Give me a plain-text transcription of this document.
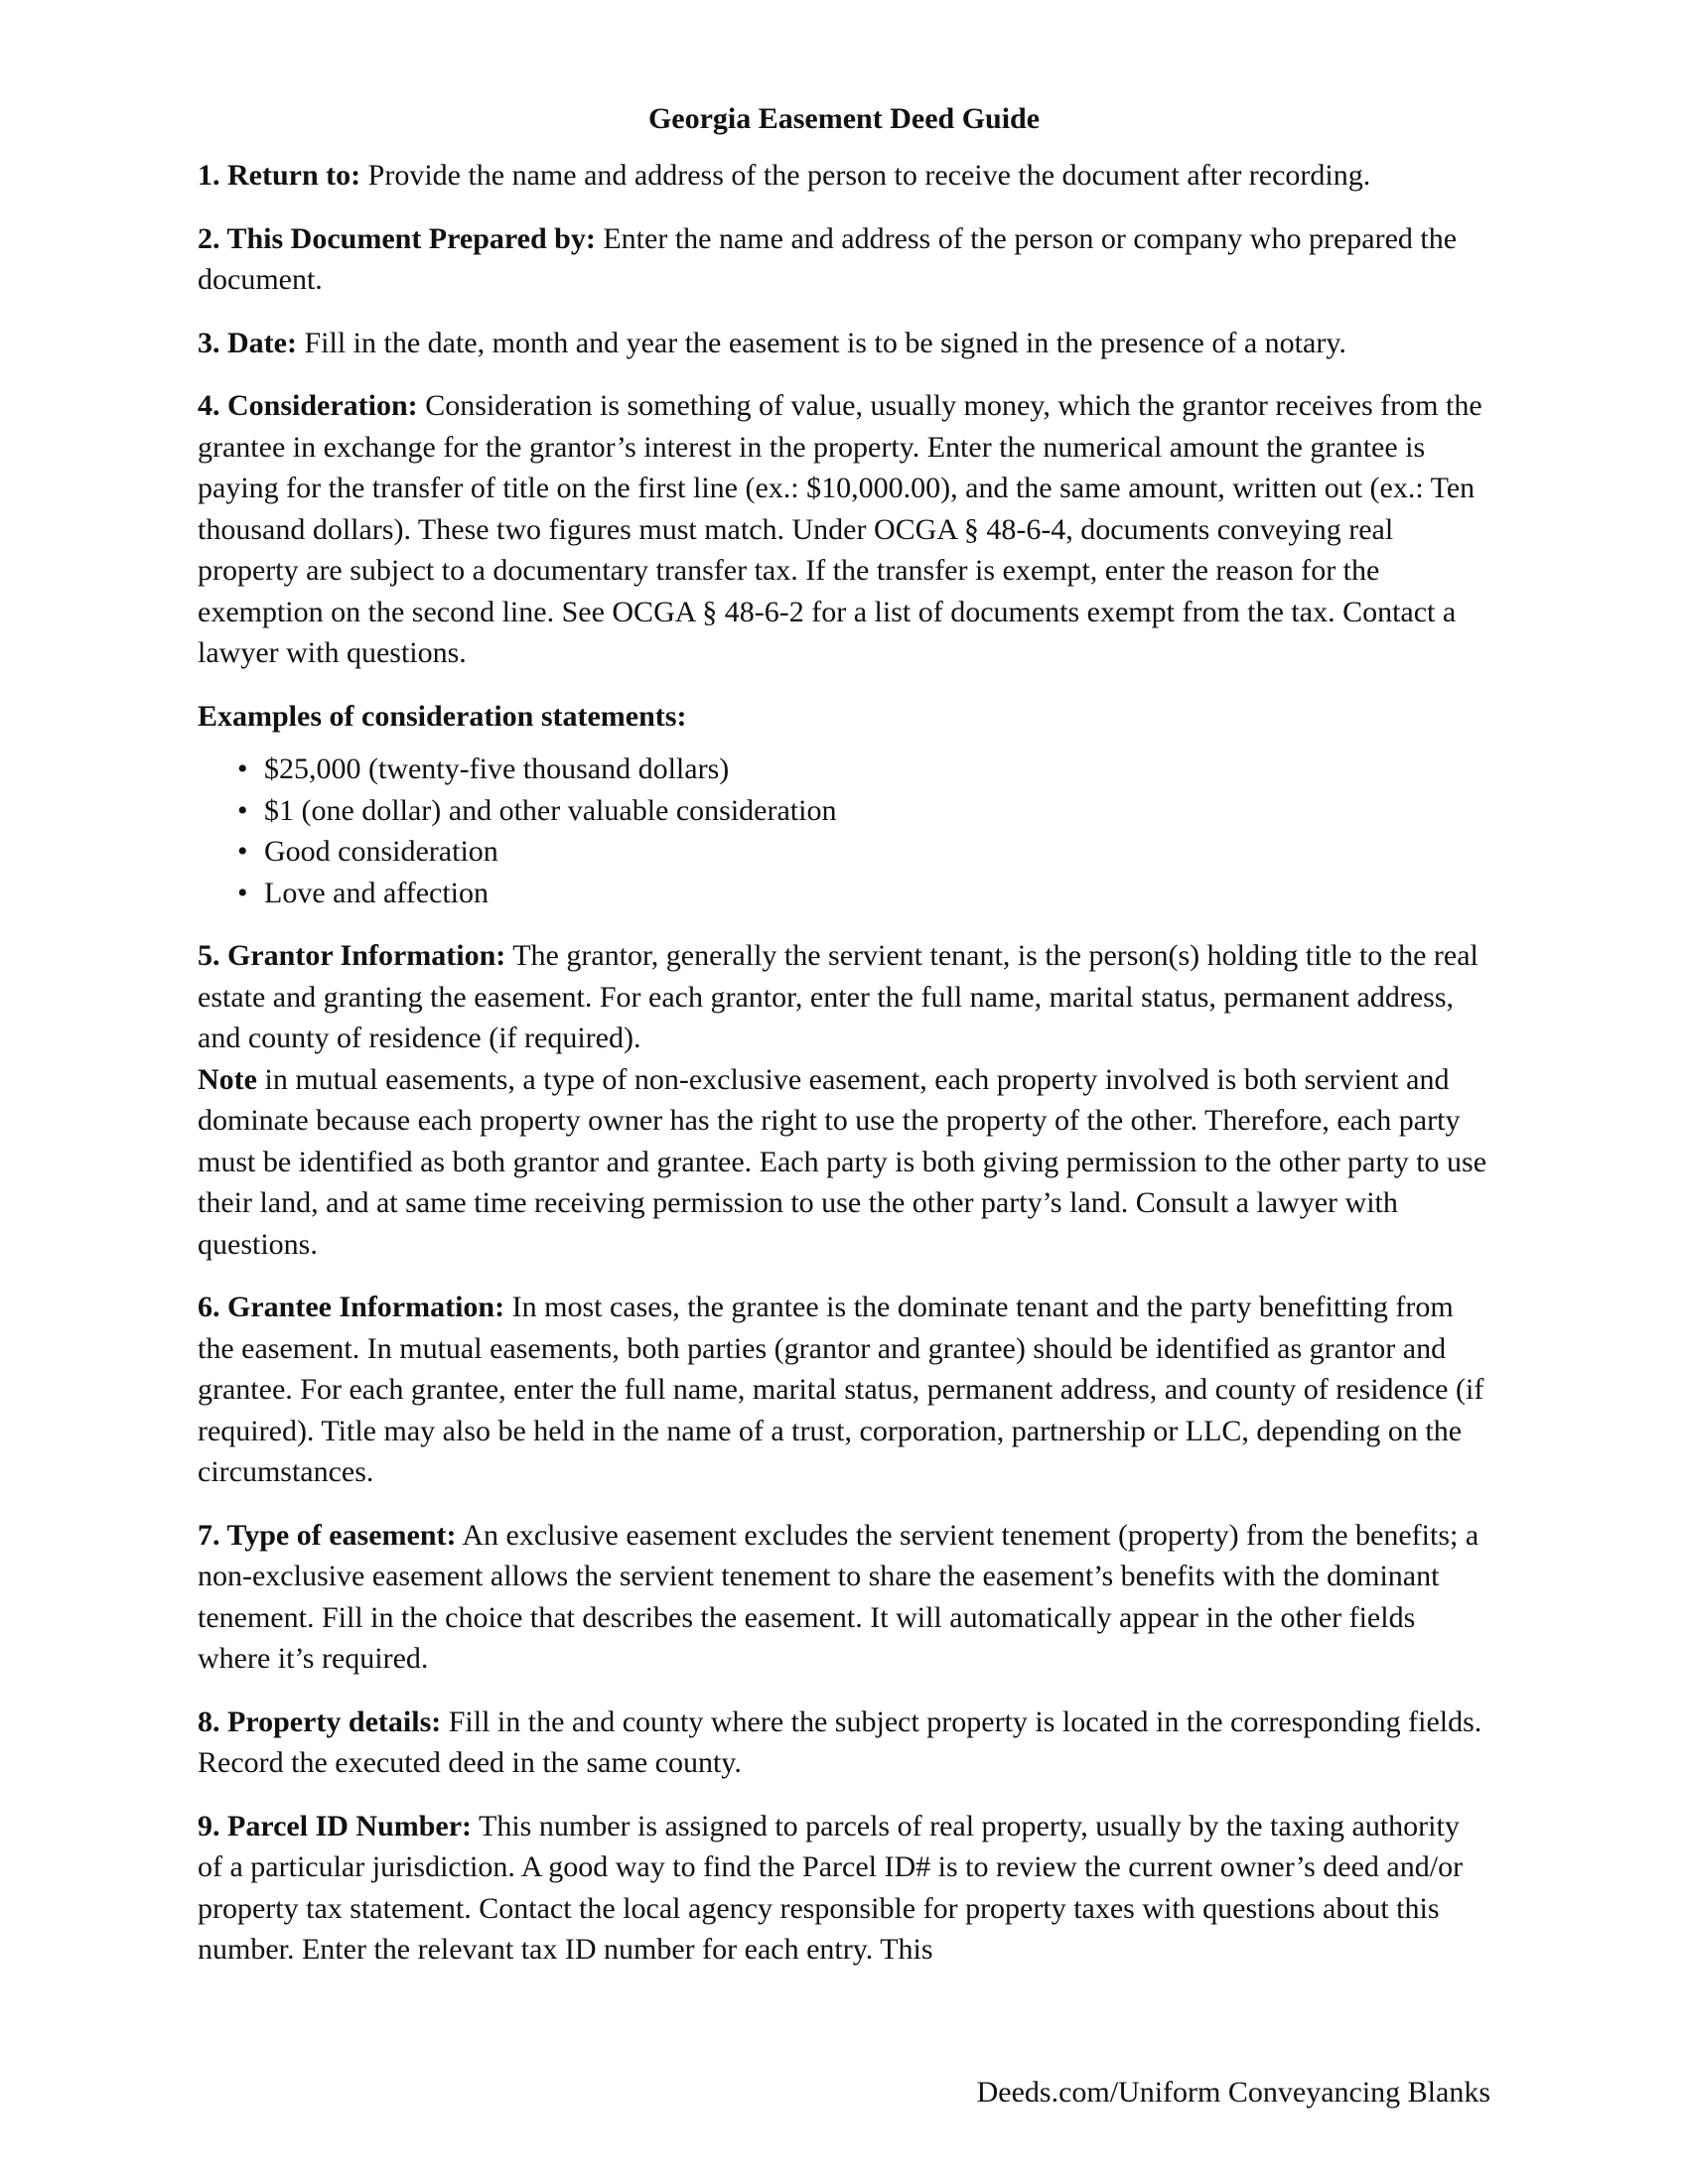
Georgia Easement Deed Guide

1. Return to: Provide the name and address of the person to receive the document after recording.

2. This Document Prepared by: Enter the name and address of the person or company who prepared the document.

3. Date: Fill in the date, month and year the easement is to be signed in the presence of a notary.

4. Consideration: Consideration is something of value, usually money, which the grantor receives from the grantee in exchange for the grantor’s interest in the property. Enter the numerical amount the grantee is paying for the transfer of title on the first line (ex.: $10,000.00), and the same amount, written out (ex.: Ten thousand dollars). These two figures must match. Under OCGA § 48-6-4, documents conveying real property are subject to a documentary transfer tax. If the transfer is exempt, enter the reason for the exemption on the second line. See OCGA § 48-6-2 for a list of documents exempt from the tax. Contact a lawyer with questions.

Examples of consideration statements:
• $25,000 (twenty-five thousand dollars)
• $1 (one dollar) and other valuable consideration
• Good consideration
• Love and affection

5. Grantor Information: The grantor, generally the servient tenant, is the person(s) holding title to the real estate and granting the easement. For each grantor, enter the full name, marital status, permanent address, and county of residence (if required).
Note in mutual easements, a type of non-exclusive easement, each property involved is both servient and dominate because each property owner has the right to use the property of the other. Therefore, each party must be identified as both grantor and grantee. Each party is both giving permission to the other party to use their land, and at same time receiving permission to use the other party’s land. Consult a lawyer with questions.

6. Grantee Information: In most cases, the grantee is the dominate tenant and the party benefitting from the easement. In mutual easements, both parties (grantor and grantee) should be identified as grantor and grantee. For each grantee, enter the full name, marital status, permanent address, and county of residence (if required). Title may also be held in the name of a trust, corporation, partnership or LLC, depending on the circumstances.

7. Type of easement: An exclusive easement excludes the servient tenement (property) from the benefits; a non-exclusive easement allows the servient tenement to share the easement’s benefits with the dominant tenement. Fill in the choice that describes the easement. It will automatically appear in the other fields where it’s required.

8. Property details: Fill in the and county where the subject property is located in the corresponding fields. Record the executed deed in the same county.

9. Parcel ID Number: This number is assigned to parcels of real property, usually by the taxing authority of a particular jurisdiction. A good way to find the Parcel ID# is to review the current owner’s deed and/or property tax statement. Contact the local agency responsible for property taxes with questions about this number. Enter the relevant tax ID number for each entry. This

Deeds.com/Uniform Conveyancing Blanks
